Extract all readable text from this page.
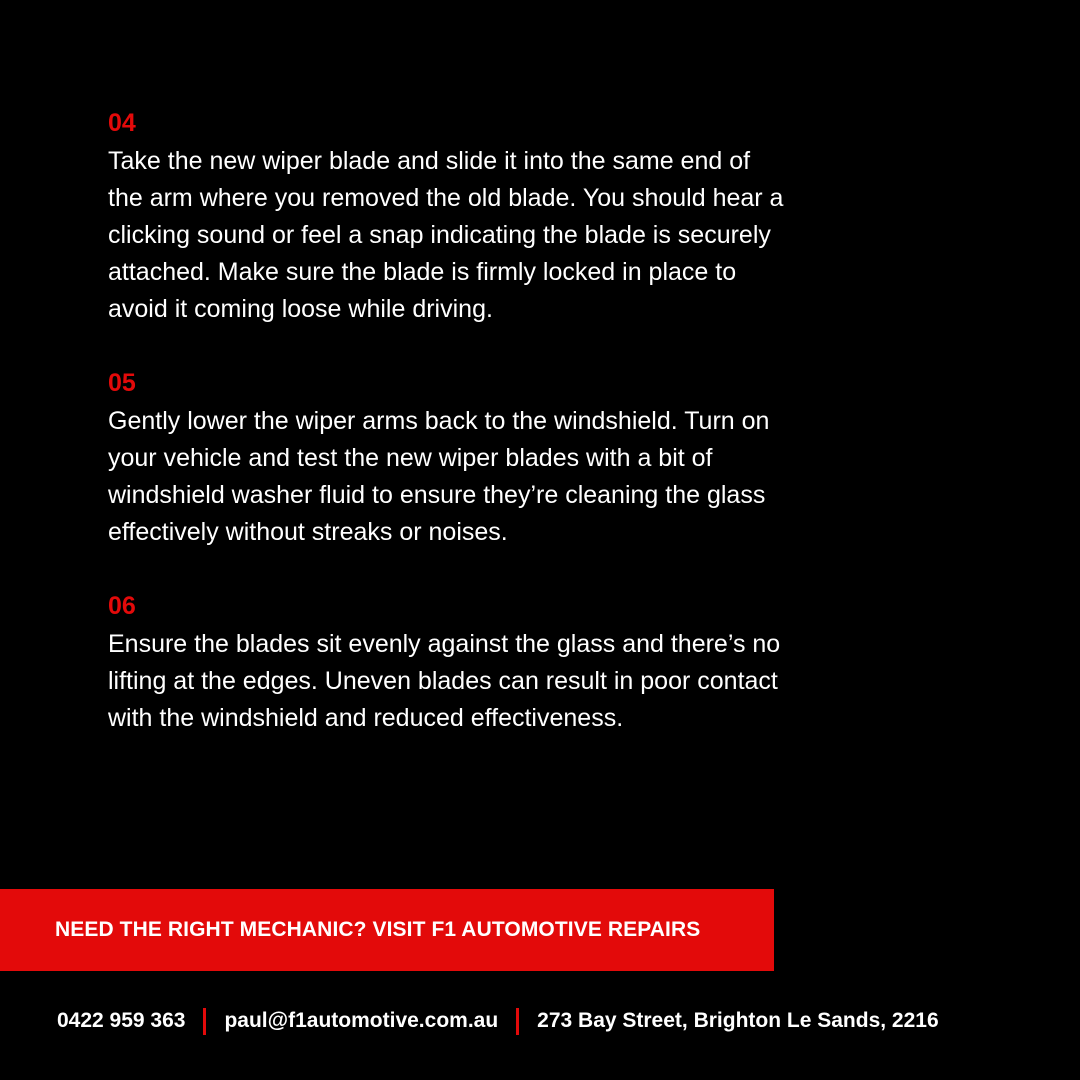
04

Take the new wiper blade and slide it into the same end of the arm where you removed the old blade. You should hear a clicking sound or feel a snap indicating the blade is securely attached. Make sure the blade is firmly locked in place to avoid it coming loose while driving.

05

Gently lower the wiper arms back to the windshield. Turn on your vehicle and test the new wiper blades with a bit of windshield washer fluid to ensure they’re cleaning the glass effectively without streaks or noises.

06

Ensure the blades sit evenly against the glass and there’s no lifting at the edges. Uneven blades can result in poor contact with the windshield and reduced effectiveness.

NEED THE RIGHT MECHANIC? VISIT F1 AUTOMOTIVE REPAIRS
0422 959 363 paul@f1automotive.com.au 273 Bay Street, Brighton Le Sands, 2216
